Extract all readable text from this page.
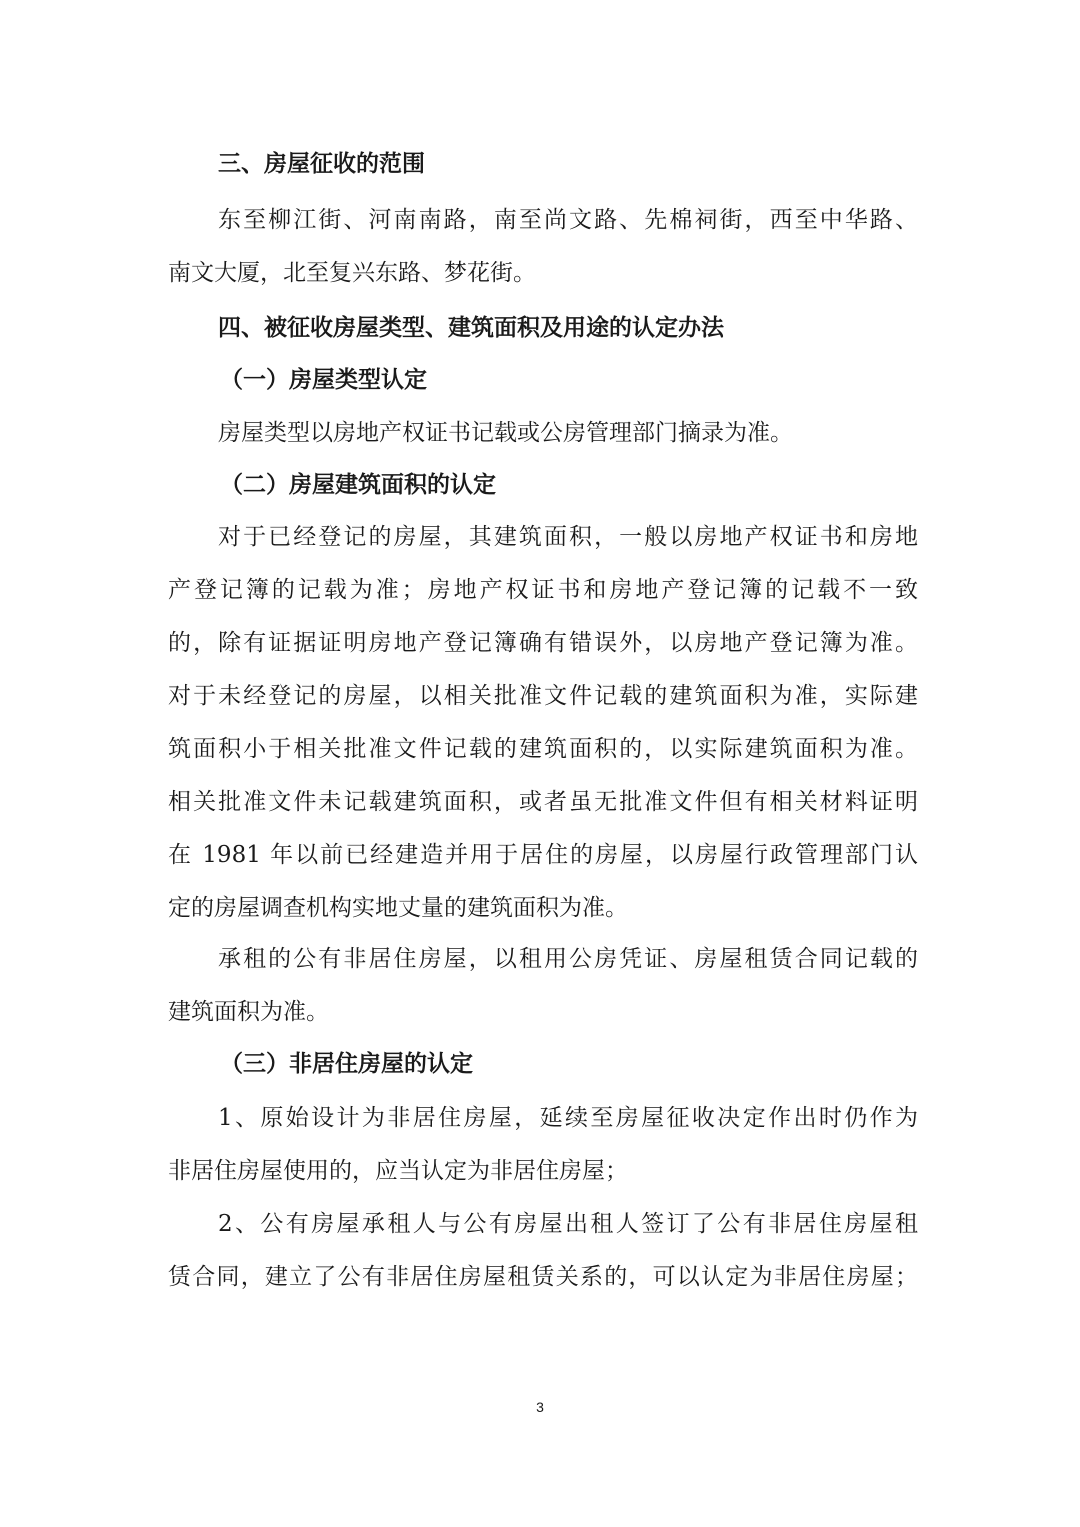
三、房屋征收的范围
东至柳江街、河南南路，南至尚文路、先棉祠街，西至中华路、
南文大厦，北至复兴东路、梦花街。
四、被征收房屋类型、建筑面积及用途的认定办法
（一）房屋类型认定
房屋类型以房地产权证书记载或公房管理部门摘录为准。
（二）房屋建筑面积的认定
对于已经登记的房屋，其建筑面积，一般以房地产权证书和房地
产登记簿的记载为准；房地产权证书和房地产登记簿的记载不一致
的，除有证据证明房地产登记簿确有错误外，以房地产登记簿为准。
对于未经登记的房屋，以相关批准文件记载的建筑面积为准，实际建
筑面积小于相关批准文件记载的建筑面积的，以实际建筑面积为准。
相关批准文件未记载建筑面积，或者虽无批准文件但有相关材料证明
在 1981 年以前已经建造并用于居住的房屋，以房屋行政管理部门认
定的房屋调查机构实地丈量的建筑面积为准。
承租的公有非居住房屋，以租用公房凭证、房屋租赁合同记载的
建筑面积为准。
（三）非居住房屋的认定
1、原始设计为非居住房屋，延续至房屋征收决定作出时仍作为
非居住房屋使用的，应当认定为非居住房屋；
2、公有房屋承租人与公有房屋出租人签订了公有非居住房屋租
赁合同，建立了公有非居住房屋租赁关系的，可以认定为非居住房屋；
3
